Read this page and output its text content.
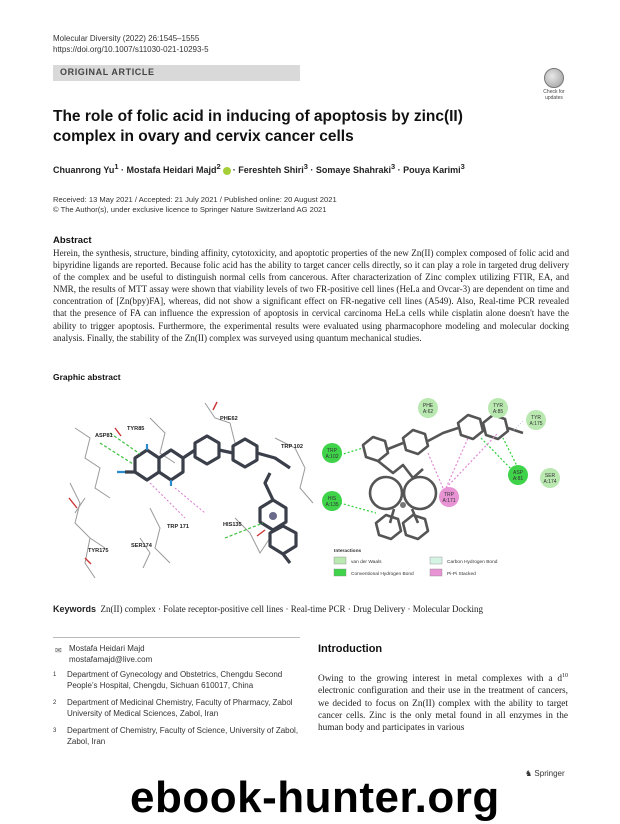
Molecular Diversity (2022) 26:1545–1555
https://doi.org/10.1007/s11030-021-10293-5
ORIGINAL ARTICLE
Check for updates
The role of folic acid in inducing of apoptosis by zinc(II) complex in ovary and cervix cancer cells
Chuanrong $Yu^1$ · Mostafa Heidari Majd$^2$ · Fereshteh Shiri$^3$ · Somaye Shahraki$^3$ · Pouya Karimi$^3$
Received: 13 May 2021 / Accepted: 21 July 2021 / Published online: 20 August 2021
© The Author(s), under exclusive licence to Springer Nature Switzerland AG 2021
Abstract
Herein, the synthesis, structure, binding affinity, cytotoxicity, and apoptotic properties of the new Zn(II) complex composed of folic acid and bipyridine ligands are reported. Because folic acid has the ability to target cancer cells directly, so it can play a role in targeted drug delivery of the complex and be useful to distinguish normal cells from cancerous. After characterization of Zinc complex utilizing FTIR, EA, and NMR, the results of MTT assay were shown that viability levels of two FR-positive cell lines (HeLa and Ovcar-3) are dependent on time and concentration of [Zn(bpy)FA], whereas, did not show a significant effect on FR-negative cell lines (A549). Also, Real-time PCR revealed that the presence of FA can influence the expression of apoptosis in cervical carcinoma HeLa cells while cisplatin alone doesn't have the ability to trigger apoptosis. Furthermore, the experimental results were evaluated using pharmacophore modeling and molecular docking analysis. Finally, the stability of the Zn(II) complex was surveyed using quantum mechanical studies.
Graphic abstract
ASP81
TYR85
PHE62
TRP 102
TRP 171	HIS135
SER174
TYR175
PHE
A:62
TYR
A:85
TYR
A:175
TRP
A:102
ASP
A:81	SER
A:174
HIS
A:135
TRP
A:171
Interactions
van der Waals	Carbon Hydrogen Bond
Conventional Hydrogen Bond	Pi-Pi Stacked
Keywords Zn(II) complex · Folate receptor-positive cell lines · Real-time PCR · Drug Delivery · Molecular Docking
✉ Mostafa Heidari Majd
mostafamajd@live.com
1 Department of Gynecology and Obstetrics, Chengdu Second People’s Hospital, Chengdu, Sichuan 610017, China
2 Department of Medicinal Chemistry, Faculty of Pharmacy, Zabol University of Medical Sciences, Zabol, Iran
3 Department of Chemistry, Faculty of Science, University of Zabol, Zabol, Iran
Introduction
Owing to the growing interest in metal complexes with a $d^{10}$ electronic configuration and their use in the treatment of cancers, we decided to focus on Zn(II) complex with the ability to target cancer cells. Zinc is the only metal found in all enzymes in the human body and participates in various
♞ Springer
ebook-hunter.org
